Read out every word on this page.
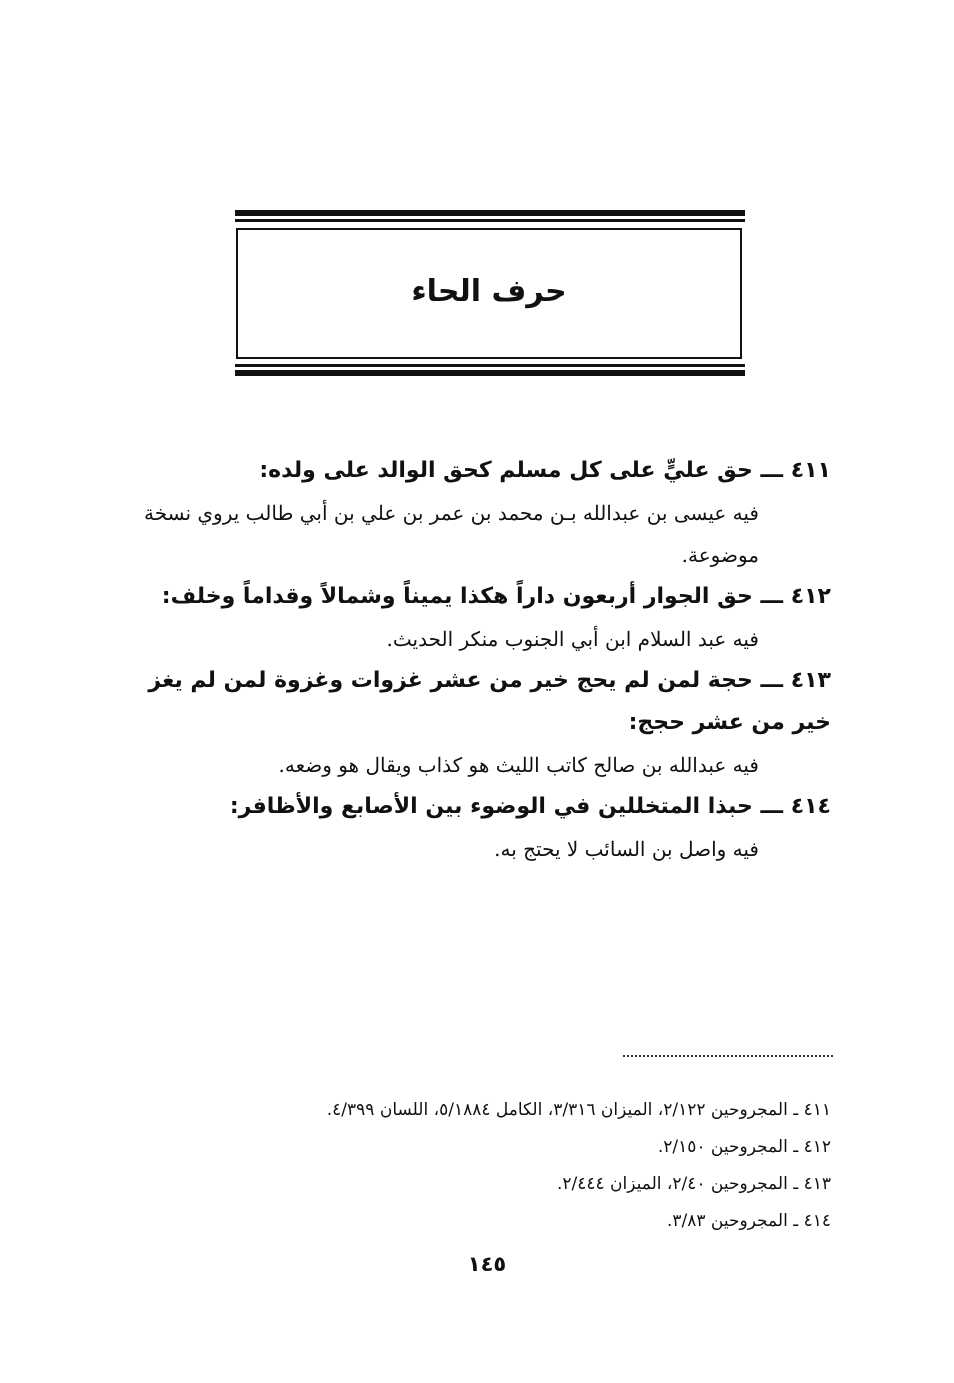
حرف الحاء

٤١١ ـــ حق عليٍّ على كل مسلم كحق الوالد على ولده:

فيه عيسى بن عبدالله بـن محمد بن عمر بن علي بن أبي طالب يروي نسخة موضوعة.

٤١٢ ـــ حق الجوار أربعون داراً هكذا يميناً وشمالاً وقداماً وخلف:

فيه عبد السلام ابن أبي الجنوب منكر الحديث.

٤١٣ ـــ حجة لمن لم يحج خير من عشر غزوات وغزوة لمن لم يغز خير من عشر حجج:

فيه عبدالله بن صالح كاتب الليث هو كذاب ويقال هو وضعه.

٤١٤ ـــ حبذا المتخللين في الوضوء بين الأصابع والأظافر:

فيه واصل بن السائب لا يحتج به.

٤١١ ـ المجروحين ٢/١٢٢، الميزان ٣/٣١٦، الكامل ٥/١٨٨٤، اللسان ٤/٣٩٩.

٤١٢ ـ المجروحين ٢/١٥٠.

٤١٣ ـ المجروحين ٢/٤٠، الميزان ٢/٤٤٤.

٤١٤ ـ المجروحين ٣/٨٣.

١٤٥
